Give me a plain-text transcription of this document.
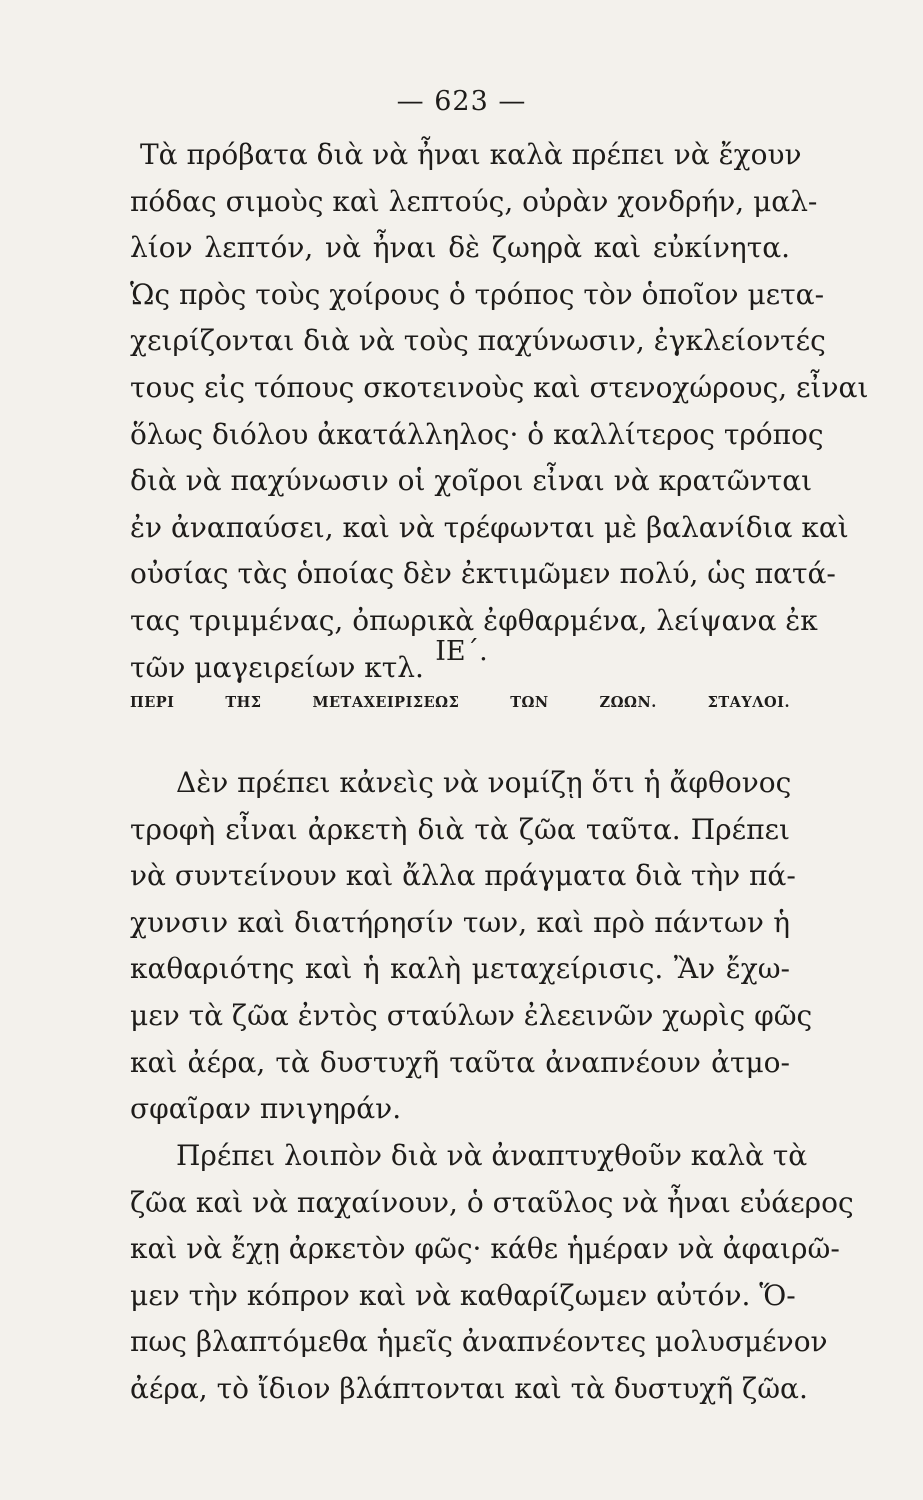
— 623 —
Τὰ πρόβατα διὰ νὰ ἦναι καλὰ πρέπει νὰ ἔχουν
πόδας σιμοὺς καὶ λεπτούς, οὐρὰν χονδρήν, μαλ-
λίον λεπτόν, νὰ ἦναι δὲ ζωηρὰ καὶ εὐκίνητα.
Ὡς πρὸς τοὺς χοίρους ὁ τρόπος τὸν ὁποῖον μετα-
χειρίζονται διὰ νὰ τοὺς παχύνωσιν, ἐγκλείοντές
τους εἰς τόπους σκοτεινοὺς καὶ στενοχώρους, εἶναι
ὅλως διόλου ἀκατάλληλος· ὁ καλλίτερος τρόπος
διὰ νὰ παχύνωσιν οἱ χοῖροι εἶναι νὰ κρατῶνται
ἐν ἀναπαύσει, καὶ νὰ τρέφωνται μὲ βαλανίδια καὶ
οὐσίας τὰς ὁποίας δὲν ἐκτιμῶμεν πολύ, ὡς πατά-
τας τριμμένας, ὀπωρικὰ ἐφθαρμένα, λείψανα ἐκ
τῶν μαγειρείων κτλ. ΙΕ΄.
ΠΕΡΙ ΤΗΣ ΜΕΤΑΧΕΙΡΙΣΕΩΣ ΤΩΝ ΖΩΩΝ. ΣΤΑΥΛΟΙ.
Δὲν πρέπει κἀνεὶς νὰ νομίζῃ ὅτι ἡ ἄφθονος
τροφὴ εἶναι ἀρκετὴ διὰ τὰ ζῶα ταῦτα. Πρέπει
νὰ συντείνουν καὶ ἄλλα πράγματα διὰ τὴν πά-
χυνσιν καὶ διατήρησίν των, καὶ πρὸ πάντων ἡ
καθαριότης καὶ ἡ καλὴ μεταχείρισις. Ἂν ἔχω-
μεν τὰ ζῶα ἐντὸς σταύλων ἐλεεινῶν χωρὶς φῶς
καὶ ἀέρα, τὰ δυστυχῆ ταῦτα ἀναπνέουν ἀτμο-
σφαῖραν πνιγηράν.
Πρέπει λοιπὸν διὰ νὰ ἀναπτυχθοῦν καλὰ τὰ
ζῶα καὶ νὰ παχαίνουν, ὁ σταῦλος νὰ ἦναι εὐάερος
καὶ νὰ ἔχῃ ἀρκετὸν φῶς· κάθε ἡμέραν νὰ ἀφαιρῶ-
μεν τὴν κόπρον καὶ νὰ καθαρίζωμεν αὐτόν. Ὅ-
πως βλαπτόμεθα ἡμεῖς ἀναπνέοντες μολυσμένον
ἀέρα, τὸ ἴδιον βλάπτονται καὶ τὰ δυστυχῆ ζῶα.
